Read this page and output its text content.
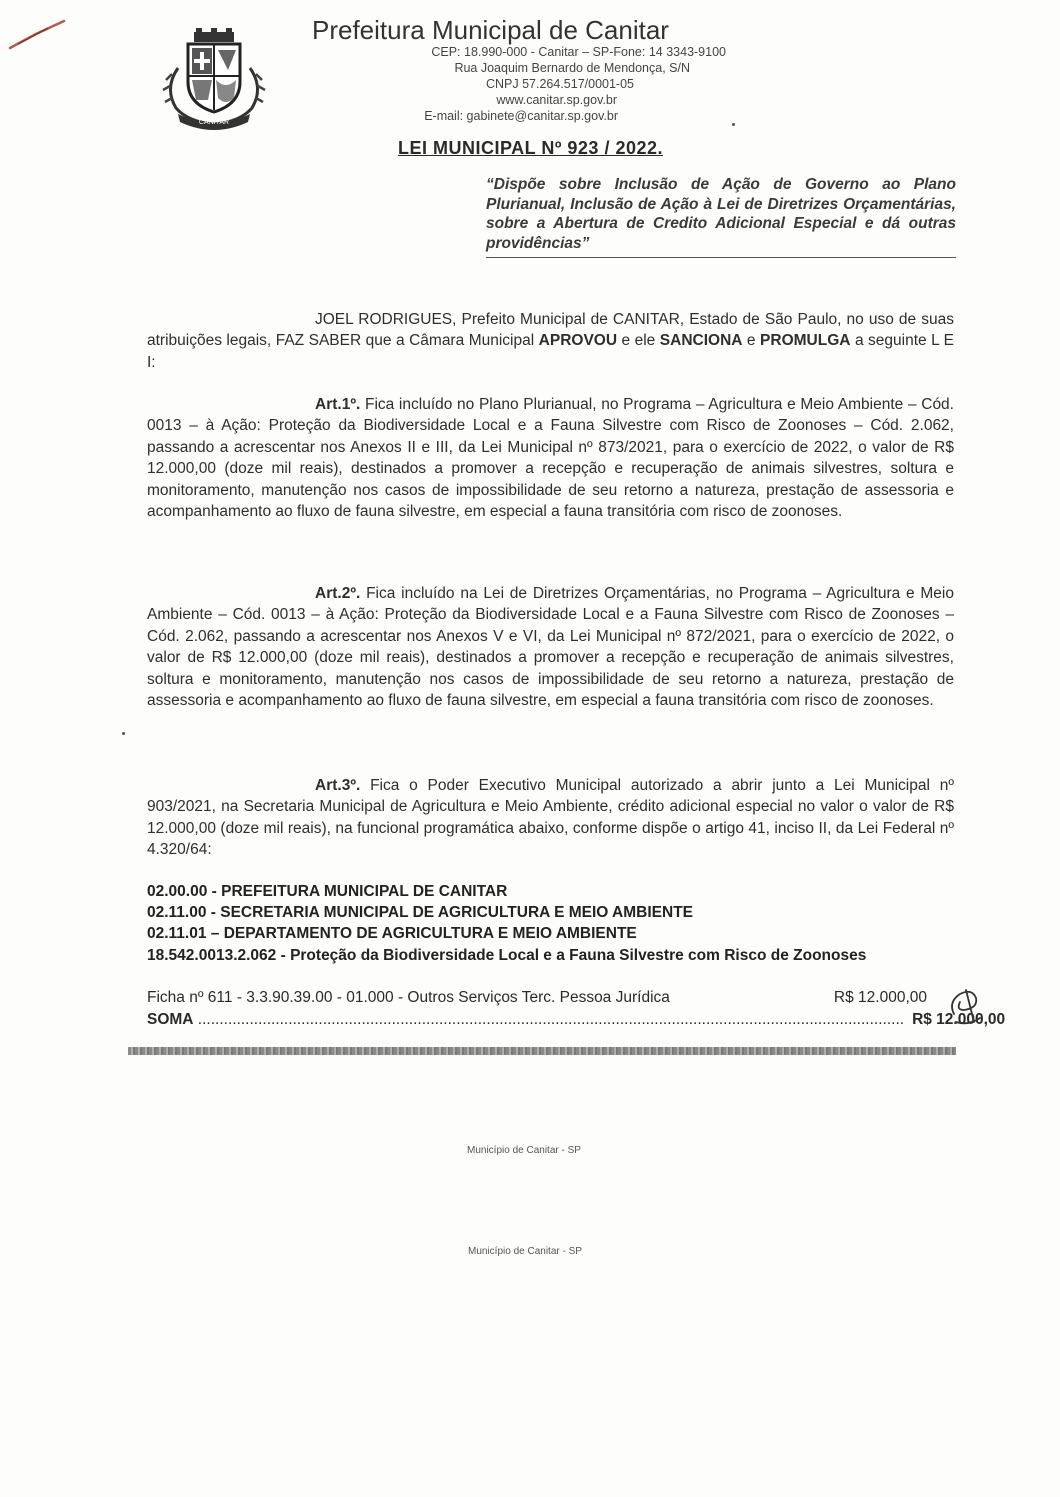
CANITAR
Prefeitura Municipal de Canitar
CEP: 18.990-000 - Canitar – SP-Fone: 14 3343-9100
Rua Joaquim Bernardo de Mendonça, S/N
CNPJ 57.264.517/0001-05
www.canitar.sp.gov.br
E-mail: gabinete@canitar.sp.gov.br
LEI MUNICIPAL Nº 923 / 2022.
“Dispõe sobre Inclusão de Ação de Governo ao Plano Plurianual, Inclusão de Ação à Lei de Diretrizes Orçamentárias, sobre a Abertura de Credito Adicional Especial e dá outras providências”
JOEL RODRIGUES, Prefeito Municipal de CANITAR, Estado de São Paulo, no uso de suas atribuições legais, FAZ SABER que a Câmara Municipal APROVOU e ele SANCIONA e PROMULGA a seguinte L E I:
Art.1º. Fica incluído no Plano Plurianual, no Programa – Agricultura e Meio Ambiente – Cód. 0013 – à Ação: Proteção da Biodiversidade Local e a Fauna Silvestre com Risco de Zoonoses – Cód. 2.062, passando a acrescentar nos Anexos II e III, da Lei Municipal nº 873/2021, para o exercício de 2022, o valor de R$ 12.000,00 (doze mil reais), destinados a promover a recepção e recuperação de animais silvestres, soltura e monitoramento, manutenção nos casos de impossibilidade de seu retorno a natureza, prestação de assessoria e acompanhamento ao fluxo de fauna silvestre, em especial a fauna transitória com risco de zoonoses.
Art.2º. Fica incluído na Lei de Diretrizes Orçamentárias, no Programa – Agricultura e Meio Ambiente – Cód. 0013 – à Ação: Proteção da Biodiversidade Local e a Fauna Silvestre com Risco de Zoonoses – Cód. 2.062, passando a acrescentar nos Anexos V e VI, da Lei Municipal nº 872/2021, para o exercício de 2022, o valor de R$ 12.000,00 (doze mil reais), destinados a promover a recepção e recuperação de animais silvestres, soltura e monitoramento, manutenção nos casos de impossibilidade de seu retorno a natureza, prestação de assessoria e acompanhamento ao fluxo de fauna silvestre, em especial a fauna transitória com risco de zoonoses.
Art.3º. Fica o Poder Executivo Municipal autorizado a abrir junto a Lei Municipal nº 903/2021, na Secretaria Municipal de Agricultura e Meio Ambiente, crédito adicional especial no valor o valor de R$ 12.000,00 (doze mil reais), na funcional programática abaixo, conforme dispõe o artigo 41, inciso II, da Lei Federal nº 4.320/64:
02.00.00 - PREFEITURA MUNICIPAL DE CANITAR
02.11.00 - SECRETARIA MUNICIPAL DE AGRICULTURA E MEIO AMBIENTE
02.11.01 – DEPARTAMENTO DE AGRICULTURA E MEIO AMBIENTE
18.542.0013.2.062 - Proteção da Biodiversidade Local e a Fauna Silvestre com Risco de Zoonoses
Ficha nº 611 - 3.3.90.39.00 - 01.000 - Outros Serviços Terc. Pessoa Jurídica	R$ 12.000,00
SOMA .................................................................................................................................................................... R$ 12.000,00
Município de Canitar - SP
Município de Canitar - SP
